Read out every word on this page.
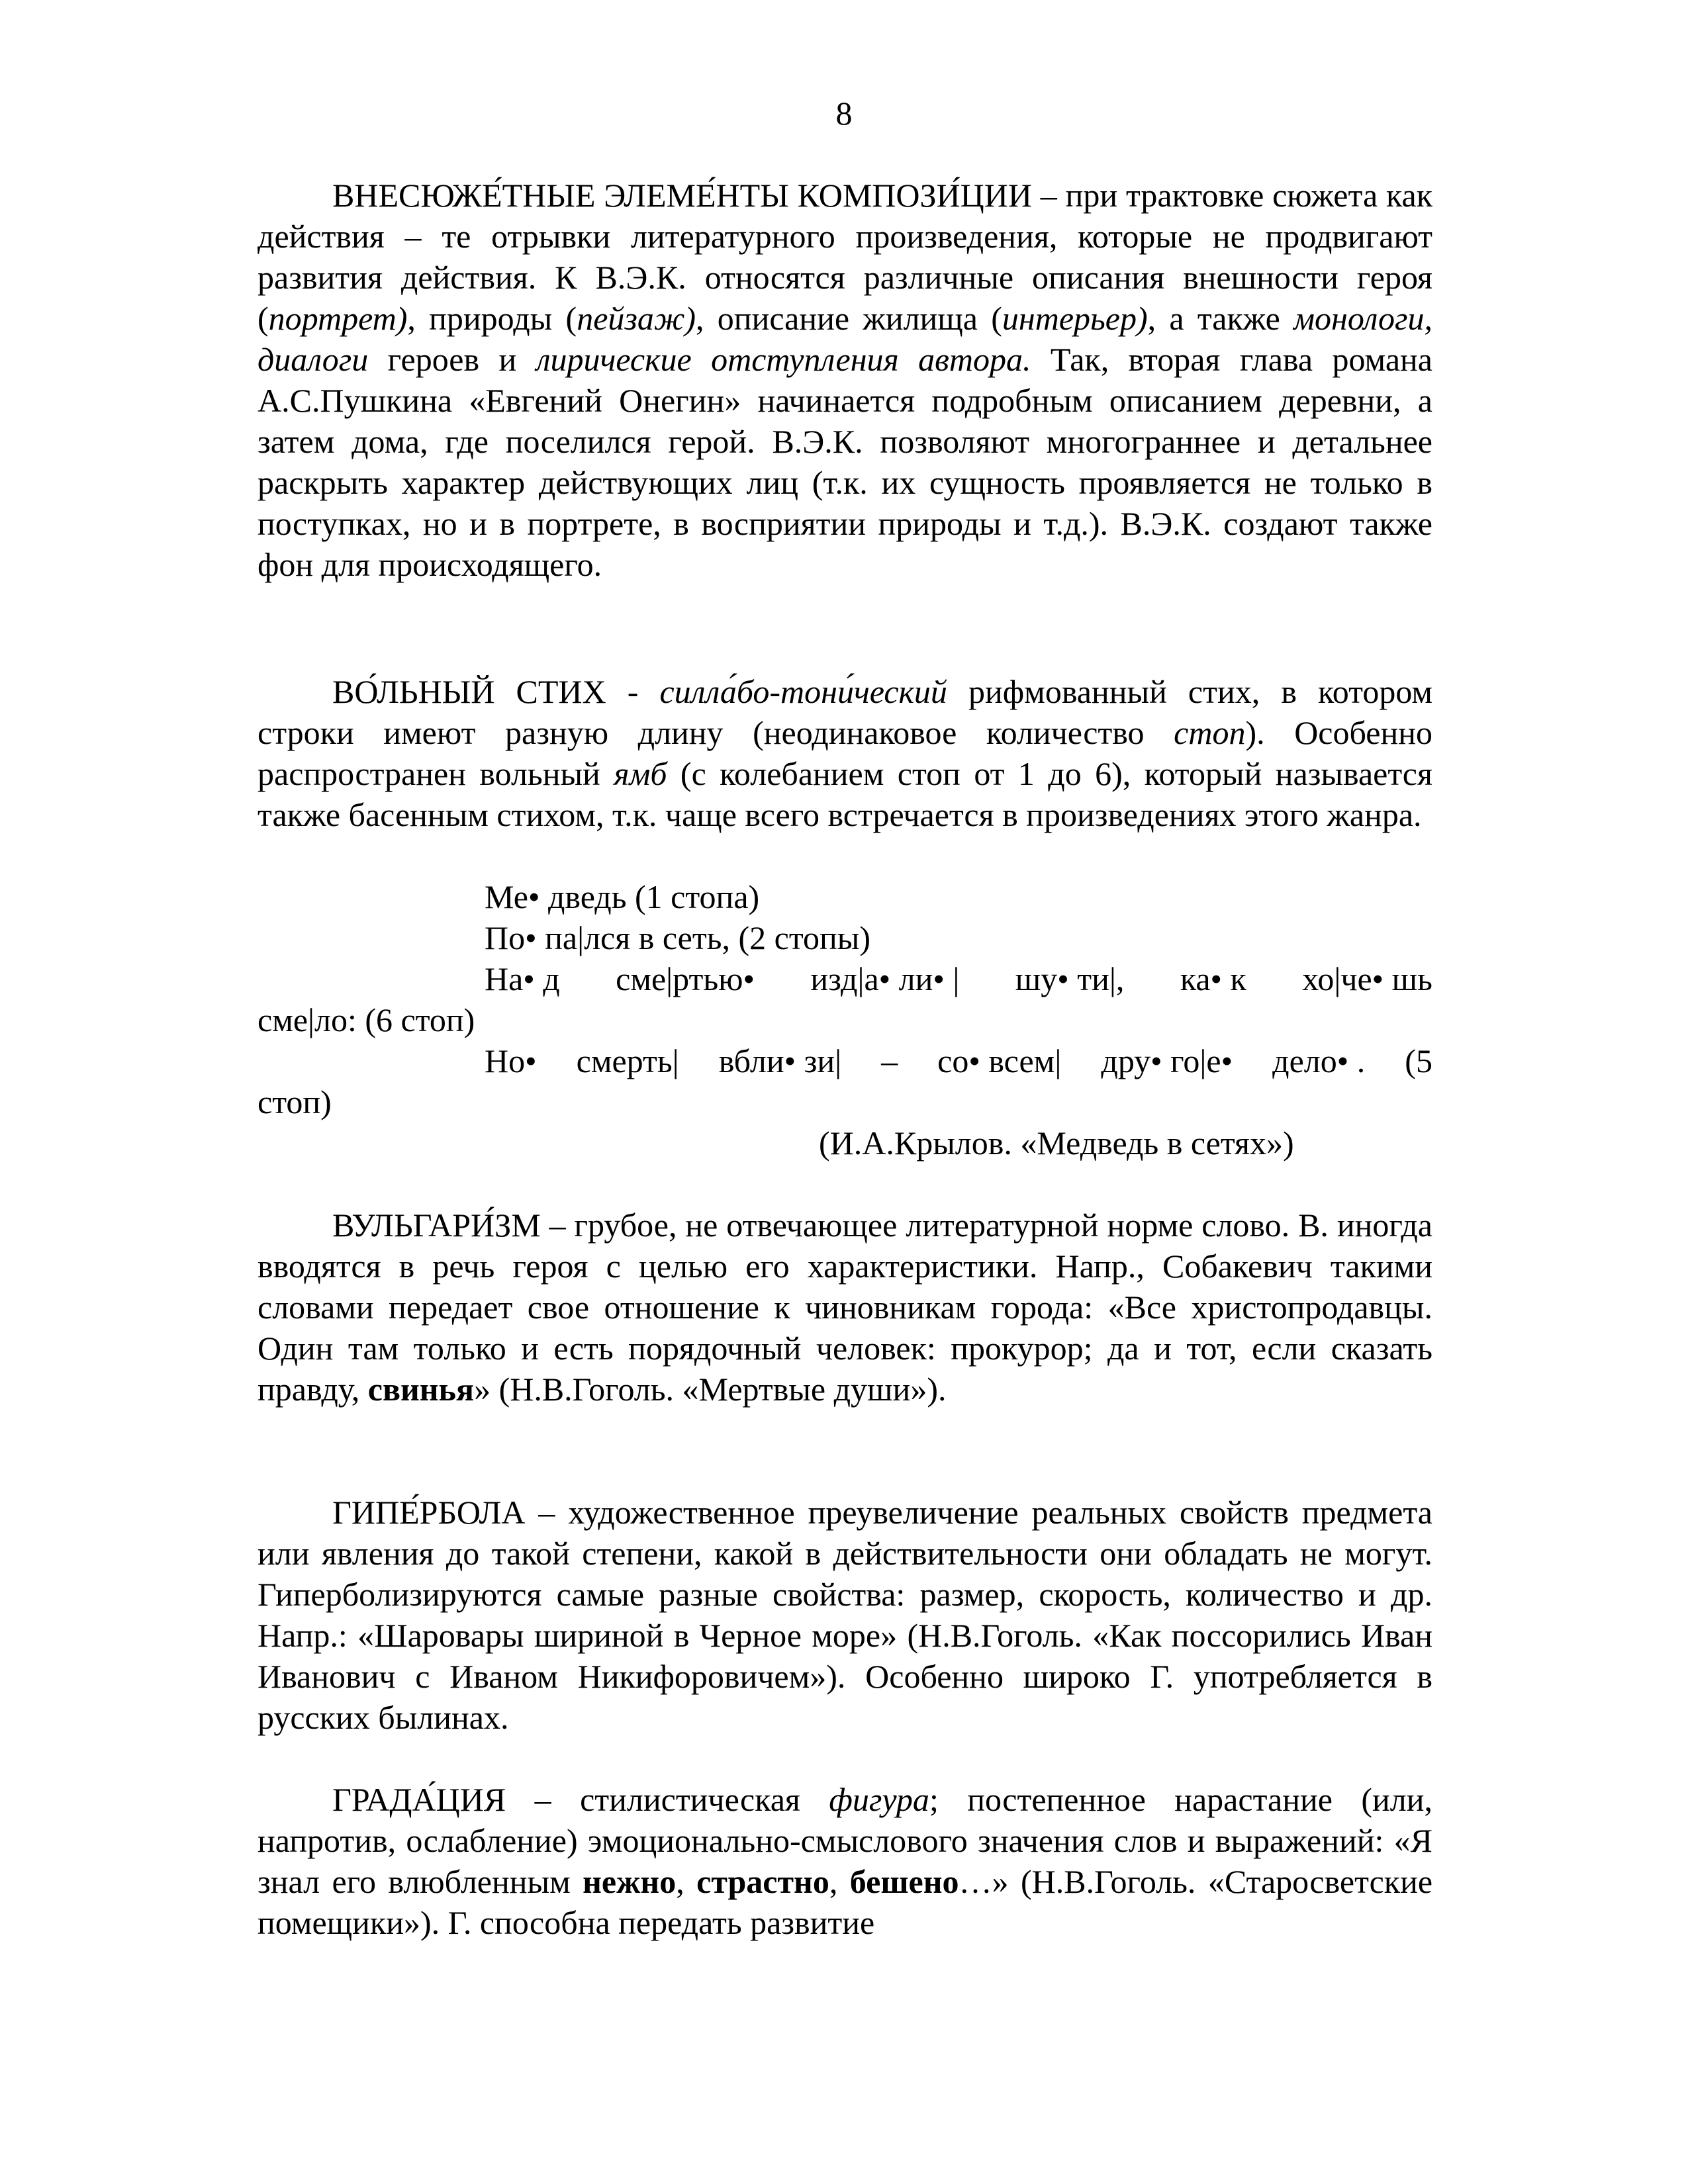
8

ВНЕСЮЖЕ́ТНЫЕ ЭЛЕМЕ́НТЫ КОМПОЗИ́ЦИИ – при трактовке сюжета как действия – те отрывки литературного произведения, которые не продвигают развития действия. К В.Э.К. относятся различные описания внешности героя (портрет), природы (пейзаж), описание жилища (интерьер), а также монологи, диалоги героев и лирические отступления автора. Так, вторая глава романа А.С.Пушкина «Евгений Онегин» начинается подробным описанием деревни, а затем дома, где поселился герой. В.Э.К. позволяют многограннее и детальнее раскрыть характер действующих лиц (т.к. их сущность проявляется не только в поступках, но и в портрете, в восприятии природы и т.д.). В.Э.К. создают также фон для происходящего.

ВО́ЛЬНЫЙ СТИХ - силла́бо-тони́ческий рифмованный стих, в котором строки имеют разную длину (неодинаковое количество стоп). Особенно распространен вольный ямб (с колебанием стоп от 1 до 6), который называется также басенным стихом, т.к. чаще всего встречается в произведениях этого жанра.

Ме• дведь (1 стопа)
По• па|лся в сеть, (2 стопы)
На• д сме|ртью• изд|а• ли• | шу• ти|, ка• к хо|че• шь
сме|ло: (6 стоп)
Но• смерть| вбли• зи| – со• всем| дру• го|е• дело• . (5
стоп)
(И.А.Крылов. «Медведь в сетях»)

ВУЛЬГАРИ́ЗМ – грубое, не отвечающее литературной норме слово. В. иногда вводятся в речь героя с целью его характеристики. Напр., Собакевич такими словами передает свое отношение к чиновникам города: «Все христопродавцы. Один там только и есть порядочный человек: прокурор; да и тот, если сказать правду, свинья» (Н.В.Гоголь. «Мертвые души»).

ГИПЕ́РБОЛА – художественное преувеличение реальных свойств предмета или явления до такой степени, какой в действительности они обладать не могут. Гиперболизируются самые разные свойства: размер, скорость, количество и др. Напр.: «Шаровары шириной в Черное море» (Н.В.Гоголь. «Как поссорились Иван Иванович с Иваном Никифоровичем»). Особенно широко Г. употребляется в русских былинах.

ГРАДА́ЦИЯ – стилистическая фигура; постепенное нарастание (или, напротив, ослабление) эмоционально-смыслового значения слов и выражений: «Я знал его влюбленным нежно, страстно, бешено…» (Н.В.Гоголь. «Старосветские помещики»). Г. способна передать развитие
